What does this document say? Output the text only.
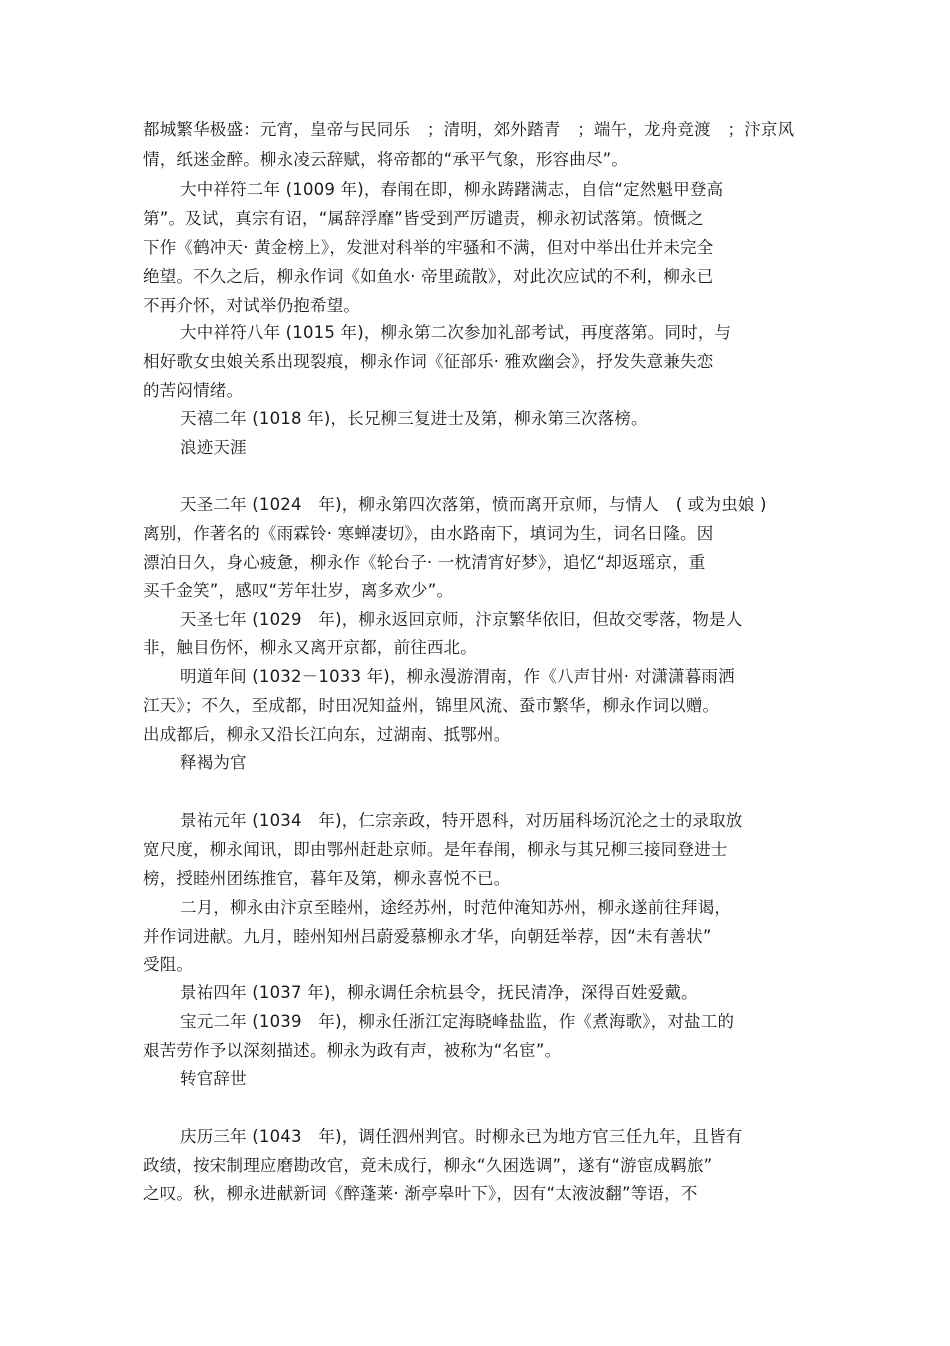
都城繁华极盛：元宵，皇帝与民同乐　；清明，郊外踏青　；端午，龙舟竞渡　；汴京风
情，纸迷金醉。柳永凌云辞赋，将帝都的“承平气象，形容曲尽”。
大中祥符二年 (1009 年)，春闱在即，柳永踌躇满志，自信“定然魁甲登高
第”。及试，真宗有诏，“属辞浮靡”皆受到严厉谴责，柳永初试落第。愤慨之
下作《鹤冲天· 黄金榜上》，发泄对科举的牢骚和不满，但对中举出仕并未完全
绝望。不久之后，柳永作词《如鱼水· 帝里疏散》，对此次应试的不利，柳永已
不再介怀，对试举仍抱希望。
大中祥符八年 (1015 年)，柳永第二次参加礼部考试，再度落第。同时，与
相好歌女虫娘关系出现裂痕，柳永作词《征部乐· 雅欢幽会》，抒发失意兼失恋
的苦闷情绪。
天禧二年 (1018 年)，长兄柳三复进士及第，柳永第三次落榜。
浪迹天涯
天圣二年 (1024　年)，柳永第四次落第，愤而离开京师，与情人　( 或为虫娘 )
离别，作著名的《雨霖铃· 寒蝉凄切》，由水路南下，填词为生，词名日隆。因
漂泊日久，身心疲惫，柳永作《轮台子· 一枕清宵好梦》，追忆“却返瑶京，重
买千金笑”，感叹“芳年壮岁，离多欢少”。
天圣七年 (1029　年)，柳永返回京师，汴京繁华依旧，但故交零落，物是人
非，触目伤怀，柳永又离开京都，前往西北。
明道年间 (1032－1033 年)，柳永漫游渭南，作《八声甘州· 对潇潇暮雨洒
江天》；不久，至成都，时田况知益州，锦里风流、蚕市繁华，柳永作词以赠。
出成都后，柳永又沿长江向东，过湖南、抵鄂州。
释褐为官
景祐元年 (1034　年)，仁宗亲政，特开恩科，对历届科场沉沦之士的录取放
宽尺度，柳永闻讯，即由鄂州赶赴京师。是年春闱，柳永与其兄柳三接同登进士
榜，授睦州团练推官，暮年及第，柳永喜悦不已。
二月，柳永由汴京至睦州，途经苏州，时范仲淹知苏州，柳永遂前往拜谒，
并作词进献。九月，睦州知州吕蔚爱慕柳永才华，向朝廷举荐，因“未有善状”
受阻。
景祐四年 (1037 年)，柳永调任余杭县令，抚民清净，深得百姓爱戴。
宝元二年 (1039　年)，柳永任浙江定海晓峰盐监，作《煮海歌》，对盐工的
艰苦劳作予以深刻描述。柳永为政有声，被称为“名宦”。
转官辞世
庆历三年 (1043　年)，调任泗州判官。时柳永已为地方官三任九年，且皆有
政绩，按宋制理应磨勘改官，竟未成行，柳永“久困选调”，遂有“游宦成羁旅”
之叹。秋，柳永进献新词《醉蓬莱· 渐亭皋叶下》，因有“太液波翻”等语，不
